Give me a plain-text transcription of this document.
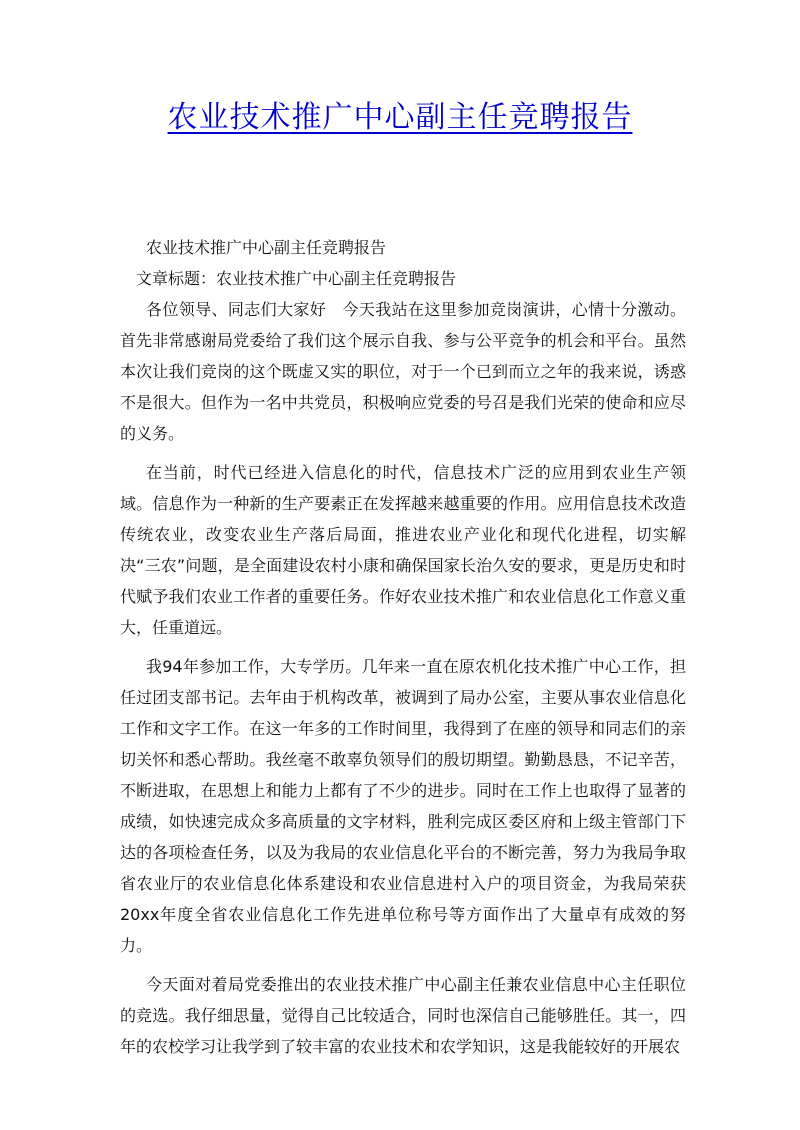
农业技术推广中心副主任竞聘报告

农业技术推广中心副主任竞聘报告

文章标题：农业技术推广中心副主任竞聘报告

各位领导、同志们大家好　今天我站在这里参加竞岗演讲，心情十分激动。首先非常感谢局党委给了我们这个展示自我、参与公平竞争的机会和平台。虽然本次让我们竞岗的这个既虚又实的职位，对于一个已到而立之年的我来说，诱惑不是很大。但作为一名中共党员，积极响应党委的号召是我们光荣的使命和应尽的义务。

在当前，时代已经进入信息化的时代，信息技术广泛的应用到农业生产领域。信息作为一种新的生产要素正在发挥越来越重要的作用。应用信息技术改造传统农业，改变农业生产落后局面，推进农业产业化和现代化进程，切实解决“三农”问题，是全面建设农村小康和确保国家长治久安的要求，更是历史和时代赋予我们农业工作者的重要任务。作好农业技术推广和农业信息化工作意义重大，任重道远。

我94年参加工作，大专学历。几年来一直在原农机化技术推广中心工作，担任过团支部书记。去年由于机构改革，被调到了局办公室，主要从事农业信息化工作和文字工作。在这一年多的工作时间里，我得到了在座的领导和同志们的亲切关怀和悉心帮助。我丝毫不敢辜负领导们的殷切期望。勤勤恳恳，不记辛苦，不断进取，在思想上和能力上都有了不少的进步。同时在工作上也取得了显著的成绩，如快速完成众多高质量的文字材料，胜利完成区委区府和上级主管部门下达的各项检查任务，以及为我局的农业信息化平台的不断完善，努力为我局争取省农业厅的农业信息化体系建设和农业信息进村入户的项目资金，为我局荣获20xx年度全省农业信息化工作先进单位称号等方面作出了大量卓有成效的努力。

今天面对着局党委推出的农业技术推广中心副主任兼农业信息中心主任职位的竞选。我仔细思量，觉得自己比较适合，同时也深信自己能够胜任。其一，四年的农校学习让我学到了较丰富的农业技术和农学知识，这是我能较好的开展农
